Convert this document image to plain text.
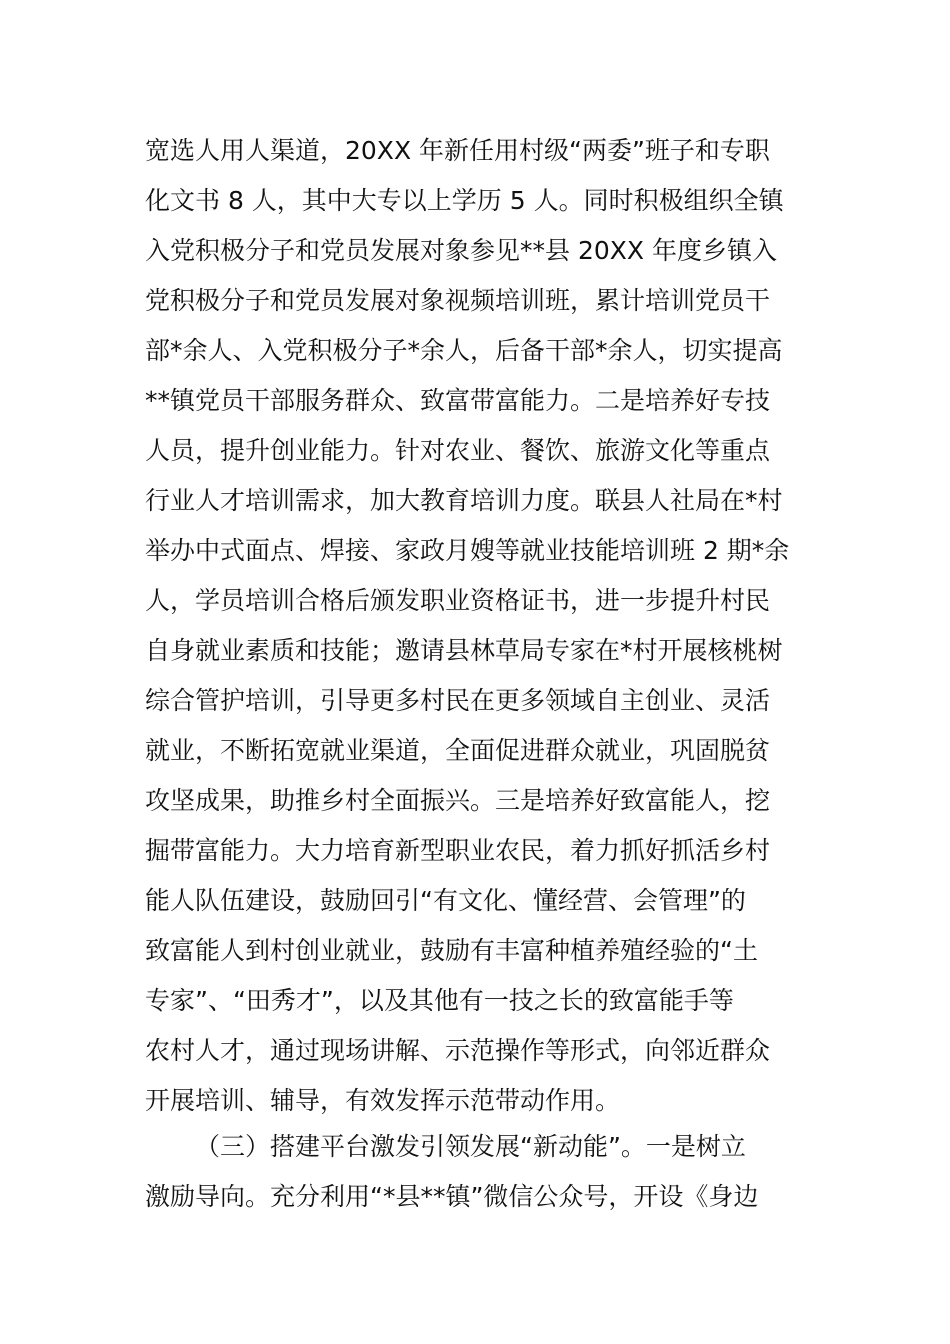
宽选人用人渠道，20XX 年新任用村级“两委”班子和专职
化文书 8 人，其中大专以上学历 5 人。同时积极组织全镇
入党积极分子和党员发展对象参见**县 20XX 年度乡镇入
党积极分子和党员发展对象视频培训班，累计培训党员干
部*余人、入党积极分子*余人，后备干部*余人，切实提高
**镇党员干部服务群众、致富带富能力。二是培养好专技
人员，提升创业能力。针对农业、餐饮、旅游文化等重点
行业人才培训需求，加大教育培训力度。联县人社局在*村
举办中式面点、焊接、家政月嫂等就业技能培训班 2 期*余
人，学员培训合格后颁发职业资格证书，进一步提升村民
自身就业素质和技能；邀请县林草局专家在*村开展核桃树
综合管护培训，引导更多村民在更多领域自主创业、灵活
就业，不断拓宽就业渠道，全面促进群众就业，巩固脱贫
攻坚成果，助推乡村全面振兴。三是培养好致富能人，挖
掘带富能力。大力培育新型职业农民，着力抓好抓活乡村
能人队伍建设，鼓励回引“有文化、懂经营、会管理”的
致富能人到村创业就业，鼓励有丰富种植养殖经验的“土
专家”、“田秀才”，以及其他有一技之长的致富能手等
农村人才，通过现场讲解、示范操作等形式，向邻近群众
开展培训、辅导，有效发挥示范带动作用。
（三）搭建平台激发引领发展“新动能”。一是树立
激励导向。充分利用“*县**镇”微信公众号，开设《身边
